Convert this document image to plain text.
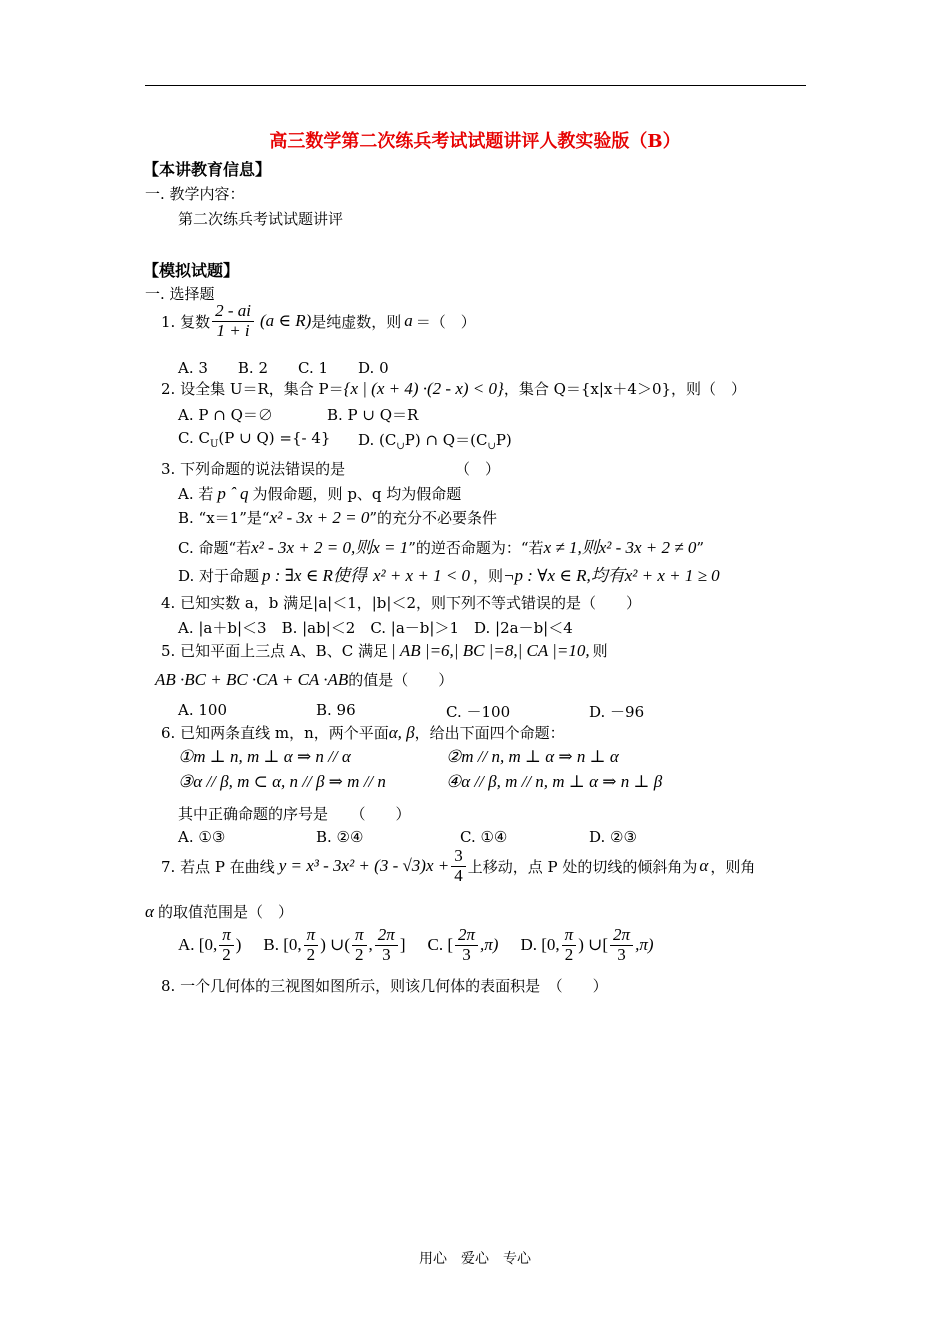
高三数学第二次练兵考试试题讲评人教实验版（B）
【本讲教育信息】
一. 教学内容：
第二次练兵考试试题讲评
【模拟试题】
一. 选择题
1. 复数 $\frac{2 - ai}{1 + i} (a$ ∈ R) 是纯虚数，则 a ＝（　）
A. 3　　B. 2　　C. 1　　D. 0
2. 设全集 U＝R，集合 P＝{x | (x + 4) ·(2 - x) < 0}，集合 Q＝{x|x＋4＞0}，则（　）
A. P ∩ Q＝∅	B. P ∪ Q＝R
C. $C_U(P$ ∪ Q) ={- 4} D. $(C_\cup P)$ ∩ $Q=(C_\cup P)$
3. 下列命题的说法错误的是	（　）
A. 若 p ˆ q 为假命题，则 p、q 均为假命题
B. “x＝1”是“x² - 3x + 2 = 0”的充分不必要条件
C. 命题“若x² - 3x + 2 = 0,则x = 1”的逆否命题为：“若x ≠ 1,则x² - 3x + 2 ≠ 0”
D. 对于命题 p : ∃x ∈ R使得 x² + x + 1 < 0 ，则¬p : ∀x ∈ R,均有x² + x + 1 ≥ 0
4. 已知实数 a，b 满足|a|＜1，|b|＜2，则下列不等式错误的是（　　）
A. |a＋b|＜3　B. |ab|＜2　C. |a－b|＞1　D. |2a－b|＜4
5. 已知平面上三点 A、B、C 满足 | AB |=6,| BC |=8,| CA |=10, 则
AB ·BC + BC ·CA + CA ·AB的值是（　　）
A. 100	B. 96	C. －100	D. －96
6. 已知两条直线 m，n，两个平面α, β，给出下面四个命题：
①m ⊥ n, m ⊥ α ⇒ n // α	②m // n, m ⊥ α ⇒ n ⊥ α
③α // β, m ⊂ α, n // β ⇒ m // n	④α // β, m // n, m ⊥ α ⇒ n ⊥ β
其中正确命题的序号是　　（　　）
A. ①③	B. ②④	C. ①④	D. ②③
7. 若点 P 在曲线 $y = x^3 - 3x^2 + (3 - √3)x + \frac{3}{4}$ 上移动，点 P 处的切线的倾斜角为 α ，则角
α 的取值范围是（　）
A. [0, $\frac{\pi}{2}$ ) B. [0, $\frac{\pi}{2}$ ) ∪( $\frac{\pi}{2}$ , $\frac{2\pi}{3}$ ] C. [ $\frac{2\pi}{3} ,\pi$) D. [0, $\frac{\pi}{2}$ ) ∪[ $\frac{2\pi}{3} ,\pi$)
8. 一个几何体的三视图如图所示，则该几何体的表面积是　（　　）
用心　爱心　专心
